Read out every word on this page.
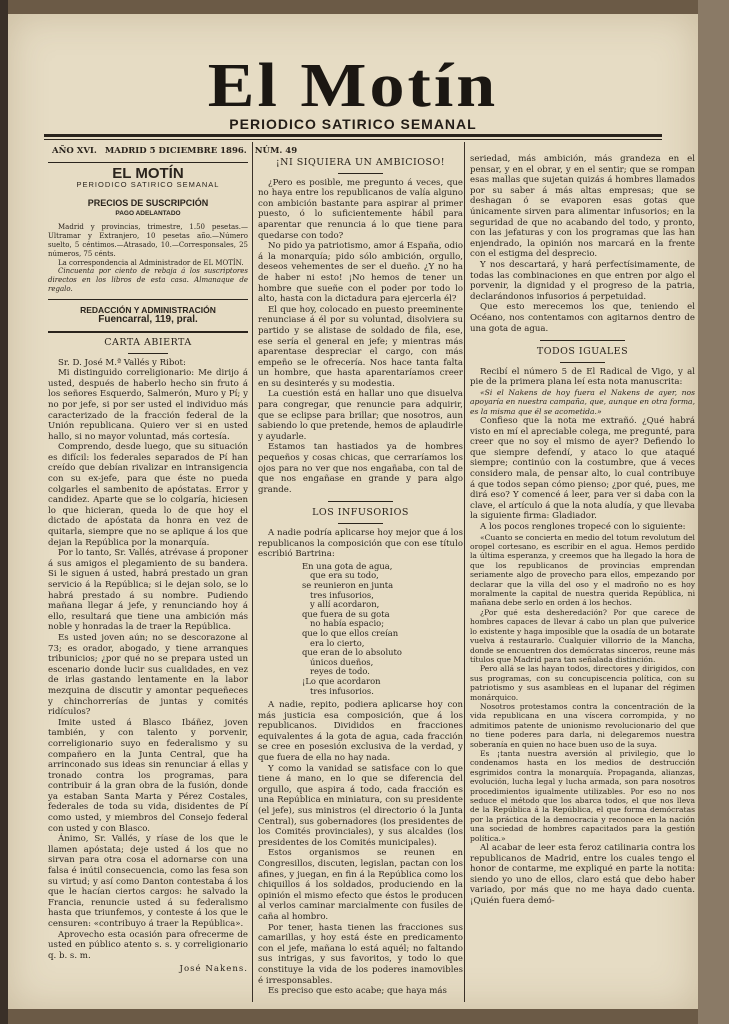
El Motín
PERIODICO SATIRICO SEMANAL
AÑO XVI. MADRID 5 DICIEMBRE 1896. NÚM. 49
EL MOTÍN
PERIODICO SATIRICO SEMANAL
PRECIOS DE SUSCRIPCIÓN
PAGO ADELANTADO

Madrid y provincias, trimestre, 1.50 pesetas.—Ultramar y Extranjero, 10 pesetas año.—Número suelto, 5 céntimos.—Atrasado, 10.—Corresponsales, 25 números, 75 cénts.

La correspondencia al Administrador de EL MOTÍN.

Cincuenta por ciento de rebaja á los suscriptores directos en los libros de esta casa. Almanaque de regalo.

REDACCIÓN Y ADMINISTRACIÓN
Fuencarral, 119, pral.
CARTA ABIERTA

Sr. D. José M.ª Vallés y Ribot:

Mi distinguido correligionario: Me dirijo á usted, después de haberlo hecho sin fruto á los señores Esquerdo, Salmerón, Muro y Pí; y no por jefe, si por ser usted el individuo más caracterizado de la fracción federal de la Unión republicana. Quiero ver si en usted hallo, si no mayor voluntad, más cortesía.

Comprendo, desde luego, que su situación es difícil: los federales separados de Pí han creído que debían rivalizar en intransigencia con su ex-jefe, para que éste no pueda colgarles el sambenito de apóstatas. Error y candidez. Aparte que se lo colgaría, hiciesen lo que hicieran, queda lo de que hoy el dictado de apóstata da honra en vez de quitarla, siempre que no se aplique á los que dejan la República por la monarquía.

Por lo tanto, Sr. Vallés, atrévase á proponer á sus amigos el plegamiento de su bandera. Si le siguen á usted, habrá prestado un gran servicio á la República; si le dejan solo, se lo habrá prestado á su nombre. Pudiendo mañana llegar á jefe, y renunciando hoy á ello, resultará que tiene una ambición más noble y honradas la de traer la República.

Es usted joven aún; no se descorazone al 73; es orador, abogado, y tiene arranques tribunicios; ¿por qué no se prepara usted un escenario donde lucir sus cualidades, en vez de irlas gastando lentamente en la labor mezquina de discutir y amontar pequeñeces y chinchorrerías de juntas y comités ridículos?

Imite usted á Blasco Ibáñez, joven también, y con talento y porvenir, correligionario suyo en federalismo y su compañero en la Junta Central, que ha arrinconado sus ideas sin renunciar á ellas y tronado contra los programas, para contribuir á la gran obra de la fusión, donde ya estaban Santa Marta y Pérez Costales, federales de toda su vida, disidentes de Pí como usted, y miembros del Consejo federal con usted y con Blasco.

Ánimo, Sr. Vallés, y ríase de los que le llamen apóstata; deje usted á los que no sirvan para otra cosa el adornarse con una falsa é inútil consecuencia, como las fesa son su virtud; y así como Danton contestaba á los que le hacían ciertos cargos: he salvado la Francia, renuncie usted á su federalismo hasta que triunfemos, y conteste á los que le censuren: «contribuyo á traer la República».

Aprovecho esta ocasión para ofrecerme de usted en público atento s. s. y correligionario q. b. s. m.

José Nakens.
¡NI SIQUIERA UN AMBICIOSO!

¿Pero es posible, me pregunto á veces, que no haya entre los republicanos de valía alguno con ambición bastante para aspirar al primer puesto, ó lo suficientemente hábil para aparentar que renuncia á lo que tiene para quedarse con todo?

No pido ya patriotismo, amor á España, odio á la monarquía; pido sólo ambición, orgullo, deseos vehementes de ser el dueño. ¿Y no ha de haber ni esto! ¡No hemos de tener un hombre que sueñe con el poder por todo lo alto, hasta con la dictadura para ejercerla él?

El que hoy, colocado en puesto preeminente renunciase á él por su voluntad, disolviera su partido y se alistase de soldado de fila, ese, ese sería el general en jefe; y mientras más aparentase despreciar el cargo, con más empeño se le ofrecería. Nos hace tanta falta un hombre, que hasta aparentaríamos creer en su desinterés y su modestia.

La cuestión está en hallar uno que disuelva para congregar, que renuncie para adquirir, que se eclipse para brillar; que nosotros, aun sabiendo lo que pretende, hemos de aplaudirle y ayudarle.

Estamos tan hastiados ya de hombres pequeños y cosas chicas, que cerraríamos los ojos para no ver que nos engañaba, con tal de que nos engañase en grande y para algo grande.

LOS INFUSORIOS

A nadie podría aplicarse hoy mejor que á los republicanos la composición que con ese título escribió Bartrina:

En una gota de agua,
que era su todo,
se reunieron en junta
tres infusorios,
y allí acordaron,
que fuera de su gota
no había espacio;
que lo que ellos creían
era lo cierto,
que eran de lo absoluto
únicos dueños,
reyes de todo.
¡Lo que acordaron
tres infusorios.

A nadie, repito, podiera aplicarse hoy con más justicia esa composición, que á los republicanos. Divididos en fracciones equivalentes á la gota de agua, cada fracción se cree en posesión exclusiva de la verdad, y que fuera de ella no hay nada.

Y como la vanidad se satisface con lo que tiene á mano, en lo que se diferencia del orgullo, que aspira á todo, cada fracción es una República en miniatura, con su presidente (el jefe), sus ministros (el directorio ó la Junta Central), sus gobernadores (los presidentes de los Comités provinciales), y sus alcaldes (los presidentes de los Comités municipales).

Estos organismos se reunen en Congresillos, discuten, legislan, pactan con los afines, y juegan, en fin á la República como los chiquillos á los soldados, produciendo en la opinión el mismo efecto que éstos le producen al verlos caminar marcialmente con fusiles de caña al hombro.

Por tener, hasta tienen las fracciones sus camarillas, y hoy está éste en predicamento con el jefe, mañana lo está aquél; no faltando sus intrigas, y sus favoritos, y todo lo que constituye la vida de los poderes inamovibles é irresponsables.

Es preciso que esto acabe; que haya más

seriedad, más ambición, más grandeza en el pensar, y en el obrar, y en el sentir; que se rompan esas mallas que sujetan quizás á hombres llamados por su saber á más altas empresas; que se deshagan ó se evaporen esas gotas que únicamente sirven para alimentar infusorios; en la seguridad de que no acabando del todo, y pronto, con las jefaturas y con los programas que las han enjendrado, la opinión nos marcará en la frente con el estigma del desprecio.

Y nos descartará, y hará perfectísimamente, de todas las combinaciones en que entren por algo el porvenir, la dignidad y el progreso de la patria, declarándonos infusorios á perpetuidad.

Que esto merecemos los que, teniendo el Océano, nos contentamos con agitarnos dentro de una gota de agua.

TODOS IGUALES

Recibí el número 5 de El Radical de Vigo, y al pie de la primera plana leí esta nota manuscrita:

«Si el Nakens de hoy fuera el Nakens de ayer, nos apoyaría en nuestra campaña, que, aunque en otra forma, es la misma que él se acometida.»

Confieso que la nota me extrañó. ¿Qué habrá visto en mí el apreciable colega, me pregunté, para creer que no soy el mismo de ayer? Defiendo lo que siempre defendí, y ataco lo que ataqué siempre; continúo con la costumbre, que á veces considero mala, de pensar alto, lo cual contribuye á que todos sepan cómo pienso; ¿por qué, pues, me dirá eso? Y comencé á leer, para ver si daba con la clave, el artículo á que la nota aludía, y que llevaba la siguiente firma: Gladiador.

A los pocos renglones tropecé con lo siguiente:

«Cuanto se concierta en medio del totum revolutum del oropel cortesano, es escribir en el agua. Hemos perdido la última esperanza, y creemos que ha llegado la hora de que los republicanos de provincias emprendan seriamente algo de provecho para ellos, empezando por declarar que la villa del oso y el madroño no es hoy moralmente la capital de nuestra querida República, ni mañana debe serlo en orden á los hechos.

¿Por qué esta desheredación? Por que carece de hombres capaces de llevar á cabo un plan que pulverice lo existente y haga imposible que la osadía de un botarate vuelva á restaurarlo. Cualquier villorrio de la Mancha, donde se encuentren dos demócratas sinceros, reune más títulos que Madrid para tan señalada distinción.

Pero allá se las hayan todos, directores y dirigidos, con sus programas, con su concupiscencia política, con su patriotismo y sus asambleas en el lupanar del régimen monárquico.

Nosotros protestamos contra la concentración de la vida republicana en una víscera corrompida, y no admitimos patente de unionismo revolucionario del que no tiene poderes para darla, ni delegaremos nuestra soberanía en quien no hace buen uso de la suya.

Es ¡tanta nuestra aversión al privilegio, que lo condenamos hasta en los medios de destrucción esgrimidos contra la monarquía. Propaganda, alianzas, evolución, lucha legal y lucha armada, son para nosotros procedimientos igualmente utilizables. Por eso no nos seduce el método que los abarca todos, el que nos lleva de la República á la República, el que forma demócratas por la práctica de la democracia y reconoce en la nación una sociedad de hombres capacitados para la gestión política.»

Al acabar de leer esta feroz catilinaria contra los republicanos de Madrid, entre los cuales tengo el honor de contarme, me expliqué en parte la notita: siendo yo uno de ellos, claro está que debo haber variado, por más que no me haya dado cuenta. ¡Quién fuera demó-
